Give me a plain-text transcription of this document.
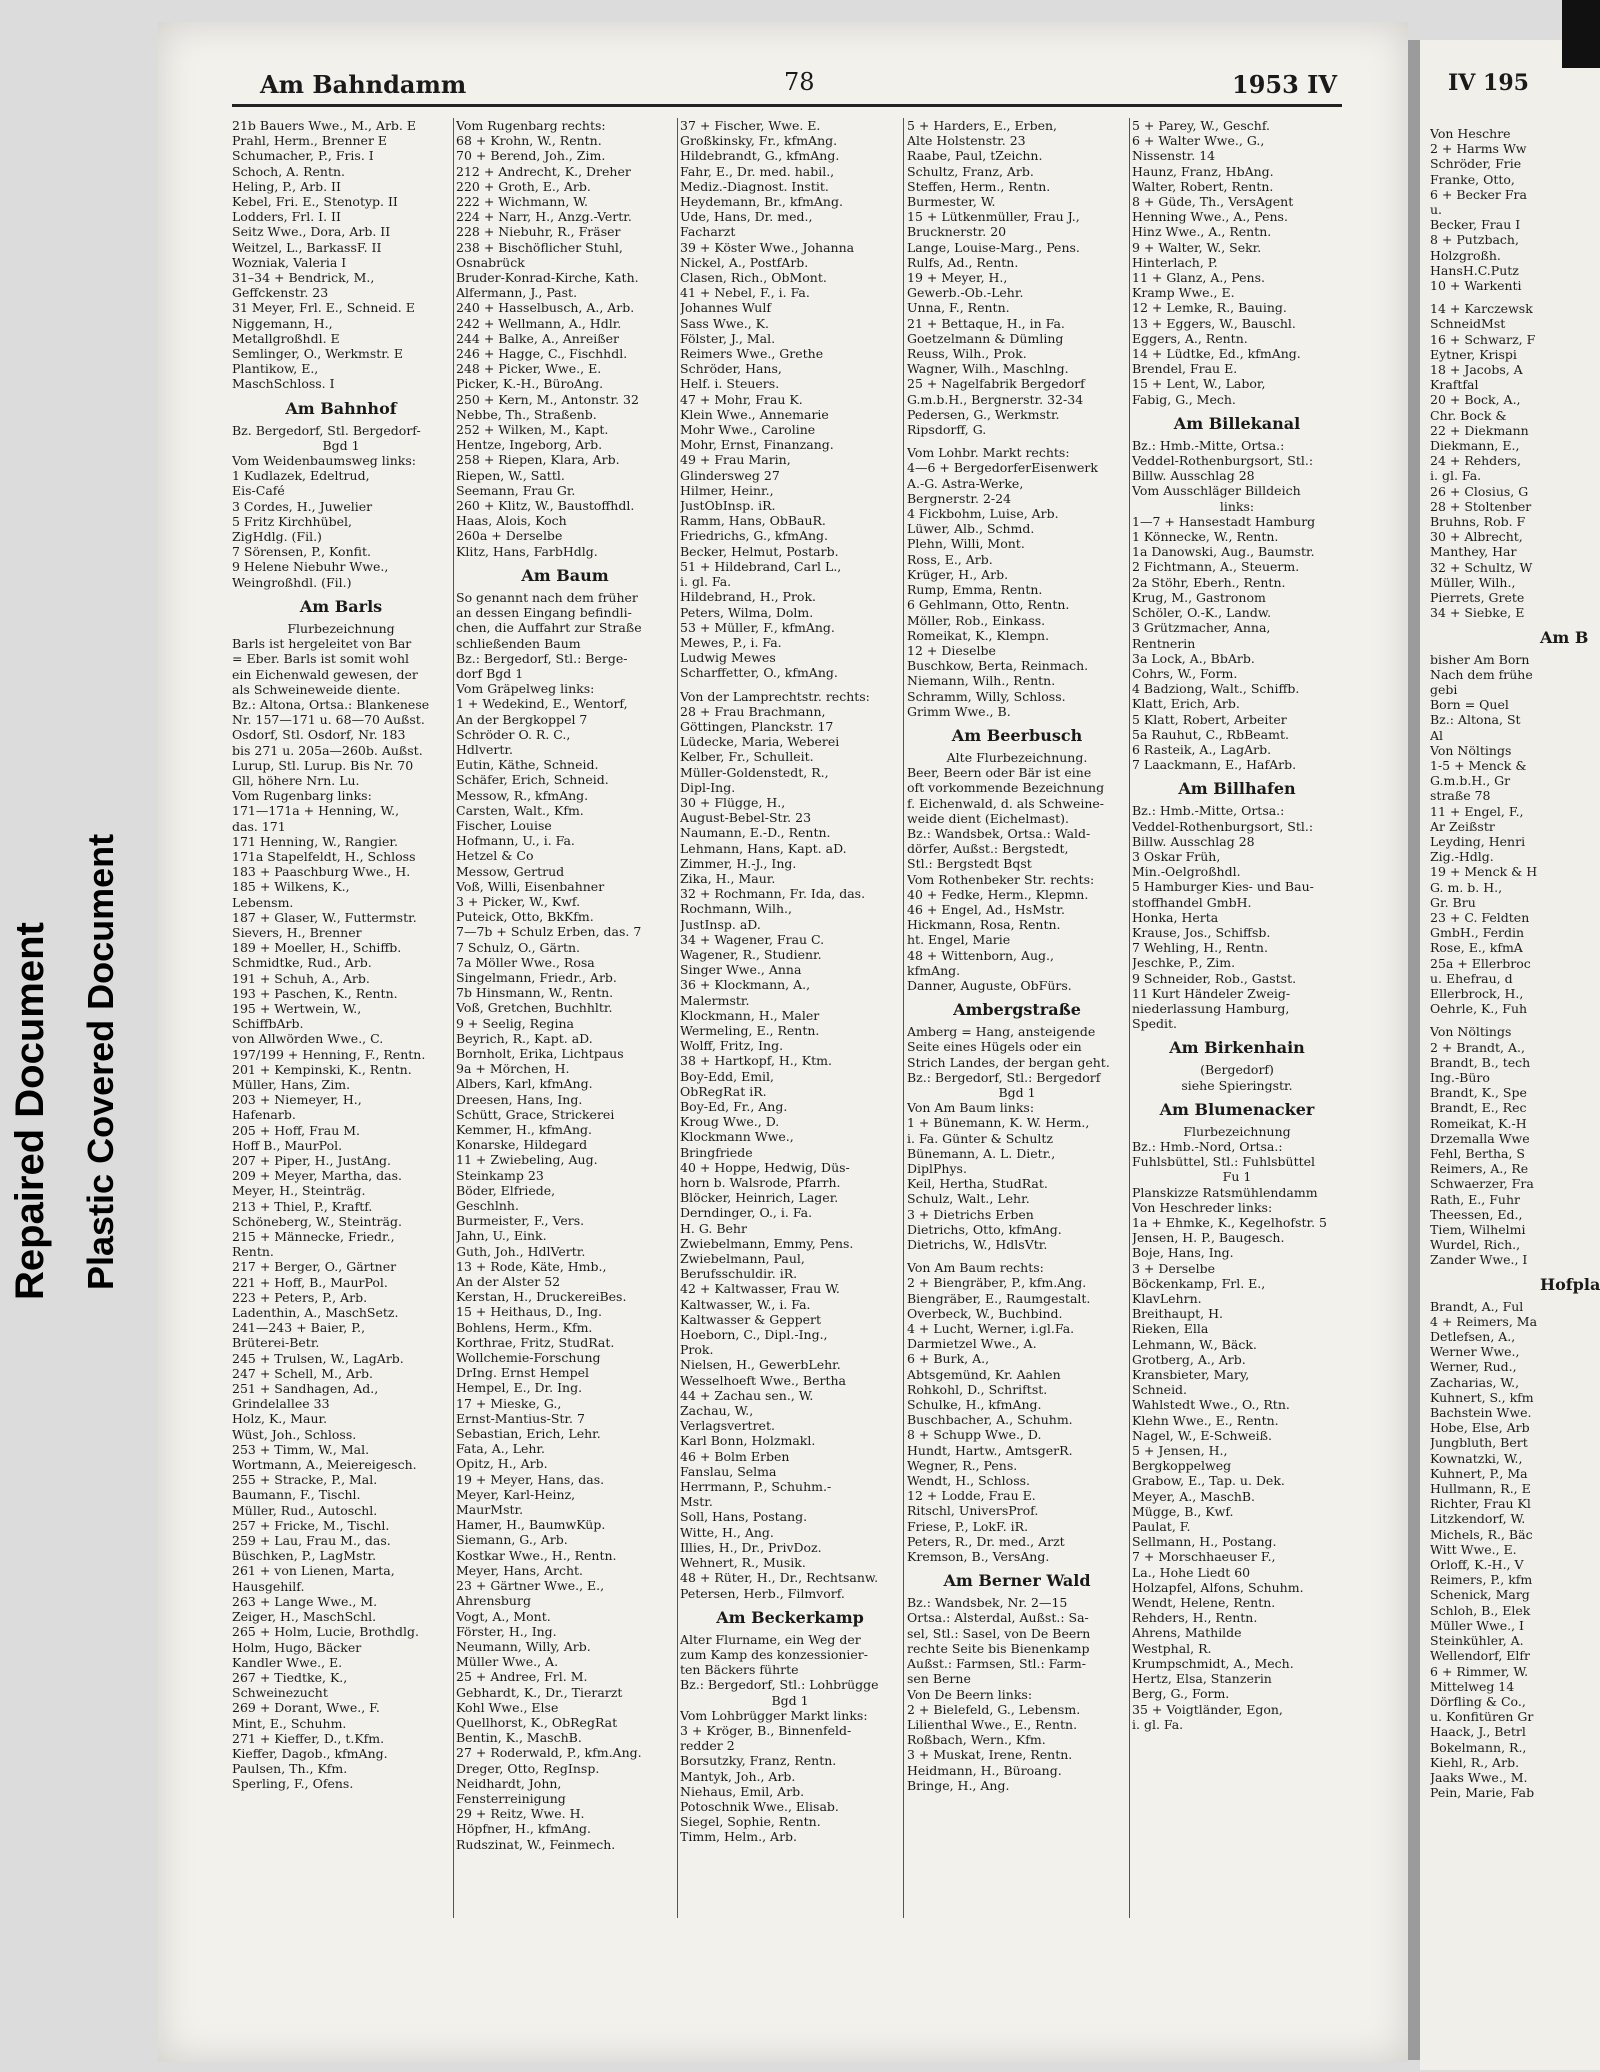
Repaired Document Plastic Covered Document
IV 195
Von Heschre
2 + Harms Ww
Schröder, Frie
Franke, Otto,
6 + Becker Fra
u.
Becker, Frau I
8 + Putzbach,
Holzgroßh.
HansH.C.Putz
10 + Warkenti
14 + Karczewsk
SchneidMst
16 + Schwarz, F
Eytner, Krispi
18 + Jacobs, A
Kraftfal
20 + Bock, A.,
Chr. Bock &
22 + Diekmann
Diekmann, E.,
24 + Rehders,
i. gl. Fa.
26 + Closius, G
28 + Stoltenber
Bruhns, Rob. F
30 + Albrecht,
Manthey, Har
32 + Schultz, W
Müller, Wilh.,
Pierrets, Grete
34 + Siebke, E
Am B
bisher Am Born
Nach dem frühe
gebi
Born = Quel
Bz.: Altona, St
Al
Von Nöltings
1-5 + Menck &
G.m.b.H., Gr
straße 78
11 + Engel, F.,
Ar Zeißstr
Leyding, Henri
Zig.-Hdlg.
19 + Menck & H
G. m. b. H.,
Gr. Bru
23 + C. Feldten
GmbH., Ferdin
Rose, E., kfmA
25a + Ellerbroc
u. Ehefrau, d
Ellerbrock, H.,
Oehrle, K., Fuh
Von Nöltings
2 + Brandt, A.,
Brandt, B., tech
Ing.-Büro
Brandt, K., Spe
Brandt, E., Rec
Romeikat, K.-H
Drzemalla Wwe
Fehl, Bertha, S
Reimers, A., Re
Schwaerzer, Fra
Rath, E., Fuhr
Theessen, Ed.,
Tiem, Wilhelmi
Wurdel, Rich.,
Zander Wwe., I
Hofpla
Brandt, A., Ful
4 + Reimers, Ma
Detlefsen, A.,
Werner Wwe.,
Werner, Rud.,
Zacharias, W.,
Kuhnert, S., kfm
Bachstein Wwe.
Hobe, Else, Arb
Jungbluth, Bert
Kownatzki, W.,
Kuhnert, P., Ma
Hullmann, R., E
Richter, Frau Kl
Litzkendorf, W.
Michels, R., Bäc
Witt Wwe., E.
Orloff, K.-H., V
Reimers, P., kfm
Schenick, Marg
Schloh, B., Elek
Müller Wwe., I
Steinkühler, A.
Wellendorf, Elfr
6 + Rimmer, W.
Mittelweg 14
Dörfling & Co.,
u. Konfitüren Gr
Haack, J., Betrl
Bokelmann, R.,
Kiehl, R., Arb.
Jaaks Wwe., M.
Pein, Marie, Fab
Am Bahndamm	78	1953 IV
21b Bauers Wwe., M., Arb. E
Prahl, Herm., Brenner E
Schumacher, P., Fris. I
Schoch, A. Rentn.
Heling, P., Arb. II
Kebel, Fri. E., Stenotyp. II
Lodders, Frl. I. II
Seitz Wwe., Dora, Arb. II
Weitzel, L., BarkassF. II
Wozniak, Valeria I
31–34 + Bendrick, M.,
Geffckenstr. 23
31 Meyer, Frl. E., Schneid. E
Niggemann, H.,
Metallgroßhdl. E
Semlinger, O., Werkmstr. E
Plantikow, E.,
MaschSchloss. I
Am Bahnhof
Bz. Bergedorf, Stl. Bergedorf-
Bgd 1
Vom Weidenbaumsweg links:
1 Kudlazek, Edeltrud,
Eis-Café
3 Cordes, H., Juwelier
5 Fritz Kirchhübel,
ZigHdlg. (Fil.)
7 Sörensen, P., Konfit.
9 Helene Niebuhr Wwe.,
Weingroßhdl. (Fil.)
Am Barls
Flurbezeichnung
Barls ist hergeleitet von Bar
= Eber. Barls ist somit wohl
ein Eichenwald gewesen, der
als Schweineweide diente.
Bz.: Altona, Ortsa.: Blankenese
Nr. 157—171 u. 68—70 Außst.
Osdorf, Stl. Osdorf, Nr. 183
bis 271 u. 205a—260b. Außst.
Lurup, Stl. Lurup. Bis Nr. 70
Gll, höhere Nrn. Lu.
Vom Rugenbarg links:
171—171a + Henning, W.,
das. 171
171 Henning, W., Rangier.
171a Stapelfeldt, H., Schloss
183 + Paaschburg Wwe., H.
185 + Wilkens, K.,
Lebensm.
187 + Glaser, W., Futtermstr.
Sievers, H., Brenner
189 + Moeller, H., Schiffb.
Schmidtke, Rud., Arb.
191 + Schuh, A., Arb.
193 + Paschen, K., Rentn.
195 + Wertwein, W.,
SchiffbArb.
von Allwörden Wwe., C.
197/199 + Henning, F., Rentn.
201 + Kempinski, K., Rentn.
Müller, Hans, Zim.
203 + Niemeyer, H.,
Hafenarb.
205 + Hoff, Frau M.
Hoff B., MaurPol.
207 + Piper, H., JustAng.
209 + Meyer, Martha, das.
Meyer, H., Steinträg.
213 + Thiel, P., Kraftf.
Schöneberg, W., Steinträg.
215 + Männecke, Friedr.,
Rentn.
217 + Berger, O., Gärtner
221 + Hoff, B., MaurPol.
223 + Peters, P., Arb.
Ladenthin, A., MaschSetz.
241—243 + Baier, P.,
Brüterei-Betr.
245 + Trulsen, W., LagArb.
247 + Schell, M., Arb.
251 + Sandhagen, Ad.,
Grindelallee 33
Holz, K., Maur.
Wüst, Joh., Schloss.
253 + Timm, W., Mal.
Wortmann, A., Meiereigesch.
255 + Stracke, P., Mal.
Baumann, F., Tischl.
Müller, Rud., Autoschl.
257 + Fricke, M., Tischl.
259 + Lau, Frau M., das.
Büschken, P., LagMstr.
261 + von Lienen, Marta,
Hausgehilf.
263 + Lange Wwe., M.
Zeiger, H., MaschSchl.
265 + Holm, Lucie, Brothdlg.
Holm, Hugo, Bäcker
Kandler Wwe., E.
267 + Tiedtke, K.,
Schweinezucht
269 + Dorant, Wwe., F.
Mint, E., Schuhm.
271 + Kieffer, D., t.Kfm.
Kieffer, Dagob., kfmAng.
Paulsen, Th., Kfm.
Sperling, F., Ofens.
Vom Rugenbarg rechts:
68 + Krohn, W., Rentn.
70 + Berend, Joh., Zim.
212 + Andrecht, K., Dreher
220 + Groth, E., Arb.
222 + Wichmann, W.
224 + Narr, H., Anzg.-Vertr.
228 + Niebuhr, R., Fräser
238 + Bischöflicher Stuhl,
Osnabrück
Bruder-Konrad-Kirche, Kath.
Alfermann, J., Past.
240 + Hasselbusch, A., Arb.
242 + Wellmann, A., Hdlr.
244 + Balke, A., Anreißer
246 + Hagge, C., Fischhdl.
248 + Picker, Wwe., E.
Picker, K.-H., BüroAng.
250 + Kern, M., Antonstr. 32
Nebbe, Th., Straßenb.
252 + Wilken, M., Kapt.
Hentze, Ingeborg, Arb.
258 + Riepen, Klara, Arb.
Riepen, W., Sattl.
Seemann, Frau Gr.
260 + Klitz, W., Baustoffhdl.
Haas, Alois, Koch
260a + Derselbe
Klitz, Hans, FarbHdlg.
Am Baum
So genannt nach dem früher
an dessen Eingang befindli-
chen, die Auffahrt zur Straße
schließenden Baum
Bz.: Bergedorf, Stl.: Berge-
dorf Bgd 1
Vom Gräpelweg links:
1 + Wedekind, E., Wentorf,
An der Bergkoppel 7
Schröder O. R. C.,
Hdlvertr.
Eutin, Käthe, Schneid.
Schäfer, Erich, Schneid.
Messow, R., kfmAng.
Carsten, Walt., Kfm.
Fischer, Louise
Hofmann, U., i. Fa.
Hetzel & Co
Messow, Gertrud
Voß, Willi, Eisenbahner
3 + Picker, W., Kwf.
Puteick, Otto, BkKfm.
7—7b + Schulz Erben, das. 7
7 Schulz, O., Gärtn.
7a Möller Wwe., Rosa
Singelmann, Friedr., Arb.
7b Hinsmann, W., Rentn.
Voß, Gretchen, Buchhltr.
9 + Seelig, Regina
Beyrich, R., Kapt. aD.
Bornholt, Erika, Lichtpaus
9a + Mörchen, H.
Albers, Karl, kfmAng.
Dreesen, Hans, Ing.
Schütt, Grace, Strickerei
Kemmer, H., kfmAng.
Konarske, Hildegard
11 + Zwiebeling, Aug.
Steinkamp 23
Böder, Elfriede,
Geschlnh.
Burmeister, F., Vers.
Jahn, U., Eink.
Guth, Joh., HdlVertr.
13 + Rode, Käte, Hmb.,
An der Alster 52
Kerstan, H., DruckereiBes.
15 + Heithaus, D., Ing.
Bohlens, Herm., Kfm.
Korthrae, Fritz, StudRat.
Wollchemie-Forschung
DrIng. Ernst Hempel
Hempel, E., Dr. Ing.
17 + Mieske, G.,
Ernst-Mantius-Str. 7
Sebastian, Erich, Lehr.
Fata, A., Lehr.
Opitz, H., Arb.
19 + Meyer, Hans, das.
Meyer, Karl-Heinz,
MaurMstr.
Hamer, H., BaumwKüp.
Siemann, G., Arb.
Kostkar Wwe., H., Rentn.
Meyer, Hans, Archt.
23 + Gärtner Wwe., E.,
Ahrensburg
Vogt, A., Mont.
Förster, H., Ing.
Neumann, Willy, Arb.
Müller Wwe., A.
25 + Andree, Frl. M.
Gebhardt, K., Dr., Tierarzt
Kohl Wwe., Else
Quellhorst, K., ObRegRat
Bentin, K., MaschB.
27 + Roderwald, P., kfm.Ang.
Dreger, Otto, RegInsp.
Neidhardt, John,
Fensterreinigung
29 + Reitz, Wwe. H.
Höpfner, H., kfmAng.
Rudszinat, W., Feinmech.
37 + Fischer, Wwe. E.
Großkinsky, Fr., kfmAng.
Hildebrandt, G., kfmAng.
Fahr, E., Dr. med. habil.,
Mediz.-Diagnost. Instit.
Heydemann, Br., kfmAng.
Ude, Hans, Dr. med.,
Facharzt
39 + Köster Wwe., Johanna
Nickel, A., PostfArb.
Clasen, Rich., ObMont.
41 + Nebel, F., i. Fa.
Johannes Wulf
Sass Wwe., K.
Fölster, J., Mal.
Reimers Wwe., Grethe
Schröder, Hans,
Helf. i. Steuers.
47 + Mohr, Frau K.
Klein Wwe., Annemarie
Mohr Wwe., Caroline
Mohr, Ernst, Finanzang.
49 + Frau Marin,
Glindersweg 27
Hilmer, Heinr.,
JustObInsp. iR.
Ramm, Hans, ObBauR.
Friedrichs, G., kfmAng.
Becker, Helmut, Postarb.
51 + Hildebrand, Carl L.,
i. gl. Fa.
Hildebrand, H., Prok.
Peters, Wilma, Dolm.
53 + Müller, F., kfmAng.
Mewes, P., i. Fa.
Ludwig Mewes
Scharffetter, O., kfmAng.
Von der Lamprechtstr. rechts:
28 + Frau Brachmann,
Göttingen, Planckstr. 17
Lüdecke, Maria, Weberei
Kelber, Fr., Schulleit.
Müller-Goldenstedt, R.,
Dipl-Ing.
30 + Flügge, H.,
August-Bebel-Str. 23
Naumann, E.-D., Rentn.
Lehmann, Hans, Kapt. aD.
Zimmer, H.-J., Ing.
Zika, H., Maur.
32 + Rochmann, Fr. Ida, das.
Rochmann, Wilh.,
JustInsp. aD.
34 + Wagener, Frau C.
Wagener, R., Studienr.
Singer Wwe., Anna
36 + Klockmann, A.,
Malermstr.
Klockmann, H., Maler
Wermeling, E., Rentn.
Wolff, Fritz, Ing.
38 + Hartkopf, H., Ktm.
Boy-Edd, Emil,
ObRegRat iR.
Boy-Ed, Fr., Ang.
Kroug Wwe., D.
Klockmann Wwe.,
Bringfriede
40 + Hoppe, Hedwig, Düs-
horn b. Walsrode, Pfarrh.
Blöcker, Heinrich, Lager.
Derndinger, O., i. Fa.
H. G. Behr
Zwiebelmann, Emmy, Pens.
Zwiebelmann, Paul,
Berufsschuldir. iR.
42 + Kaltwasser, Frau W.
Kaltwasser, W., i. Fa.
Kaltwasser & Geppert
Hoeborn, C., Dipl.-Ing.,
Prok.
Nielsen, H., GewerbLehr.
Wesselhoeft Wwe., Bertha
44 + Zachau sen., W.
Zachau, W.,
Verlagsvertret.
Karl Bonn, Holzmakl.
46 + Bolm Erben
Fanslau, Selma
Herrmann, P., Schuhm.-
Mstr.
Soll, Hans, Postang.
Witte, H., Ang.
Illies, H., Dr., PrivDoz.
Wehnert, R., Musik.
48 + Rüter, H., Dr., Rechtsanw.
Petersen, Herb., Filmvorf.
Am Beckerkamp
Alter Flurname, ein Weg der
zum Kamp des konzessionier-
ten Bäckers führte
Bz.: Bergedorf, Stl.: Lohbrügge
Bgd 1
Vom Lohbrügger Markt links:
3 + Kröger, B., Binnenfeld-
redder 2
Borsutzky, Franz, Rentn.
Mantyk, Joh., Arb.
Niehaus, Emil, Arb.
Potoschnik Wwe., Elisab.
Siegel, Sophie, Rentn.
Timm, Helm., Arb.
5 + Harders, E., Erben,
Alte Holstenstr. 23
Raabe, Paul, tZeichn.
Schultz, Franz, Arb.
Steffen, Herm., Rentn.
Burmester, W.
15 + Lütkenmüller, Frau J.,
Brucknerstr. 20
Lange, Louise-Marg., Pens.
Rulfs, Ad., Rentn.
19 + Meyer, H.,
Gewerb.-Ob.-Lehr.
Unna, F., Rentn.
21 + Bettaque, H., in Fa.
Goetzelmann & Dümling
Reuss, Wilh., Prok.
Wagner, Wilh., Maschlng.
25 + Nagelfabrik Bergedorf
G.m.b.H., Bergnerstr. 32-34
Pedersen, G., Werkmstr.
Ripsdorff, G.
Vom Lohbr. Markt rechts:
4—6 + BergedorferEisenwerk
A.-G. Astra-Werke,
Bergnerstr. 2-24
4 Fickbohm, Luise, Arb.
Lüwer, Alb., Schmd.
Plehn, Willi, Mont.
Ross, E., Arb.
Krüger, H., Arb.
Rump, Emma, Rentn.
6 Gehlmann, Otto, Rentn.
Möller, Rob., Einkass.
Romeikat, K., Klempn.
12 + Dieselbe
Buschkow, Berta, Reinmach.
Niemann, Wilh., Rentn.
Schramm, Willy, Schloss.
Grimm Wwe., B.
Am Beerbusch
Alte Flurbezeichnung.
Beer, Beern oder Bär ist eine
oft vorkommende Bezeichnung
f. Eichenwald, d. als Schweine-
weide dient (Eichelmast).
Bz.: Wandsbek, Ortsa.: Wald-
dörfer, Außst.: Bergstedt,
Stl.: Bergstedt Bqst
Vom Rothenbeker Str. rechts:
40 + Fedke, Herm., Klepmn.
46 + Engel, Ad., HsMstr.
Hickmann, Rosa, Rentn.
ht. Engel, Marie
48 + Wittenborn, Aug.,
kfmAng.
Danner, Auguste, ObFürs.
Ambergstraße
Amberg = Hang, ansteigende
Seite eines Hügels oder ein
Strich Landes, der bergan geht.
Bz.: Bergedorf, Stl.: Bergedorf
Bgd 1
Von Am Baum links:
1 + Bünemann, K. W. Herm.,
i. Fa. Günter & Schultz
Bünemann, A. L. Dietr.,
DiplPhys.
Keil, Hertha, StudRat.
Schulz, Walt., Lehr.
3 + Dietrichs Erben
Dietrichs, Otto, kfmAng.
Dietrichs, W., HdlsVtr.
Von Am Baum rechts:
2 + Biengräber, P., kfm.Ang.
Biengräber, E., Raumgestalt.
Overbeck, W., Buchbind.
4 + Lucht, Werner, i.gl.Fa.
Darmietzel Wwe., A.
6 + Burk, A.,
Abtsgemünd, Kr. Aahlen
Rohkohl, D., Schriftst.
Schulke, H., kfmAng.
Buschbacher, A., Schuhm.
8 + Schupp Wwe., D.
Hundt, Hartw., AmtsgerR.
Wegner, R., Pens.
Wendt, H., Schloss.
12 + Lodde, Frau E.
Ritschl, UniversProf.
Friese, P., LokF. iR.
Peters, R., Dr. med., Arzt
Kremson, B., VersAng.
Am Berner Wald
Bz.: Wandsbek, Nr. 2—15
Ortsa.: Alsterdal, Außst.: Sa-
sel, Stl.: Sasel, von De Beern
rechte Seite bis Bienenkamp
Außst.: Farmsen, Stl.: Farm-
sen Berne
Von De Beern links:
2 + Bielefeld, G., Lebensm.
Lilienthal Wwe., E., Rentn.
Roßbach, Wern., Kfm.
3 + Muskat, Irene, Rentn.
Heidmann, H., Büroang.
Bringe, H., Ang.
5 + Parey, W., Geschf.
6 + Walter Wwe., G.,
Nissenstr. 14
Haunz, Franz, HbAng.
Walter, Robert, Rentn.
8 + Güde, Th., VersAgent
Henning Wwe., A., Pens.
Hinz Wwe., A., Rentn.
9 + Walter, W., Sekr.
Hinterlach, P.
11 + Glanz, A., Pens.
Kramp Wwe., E.
12 + Lemke, R., Bauing.
13 + Eggers, W., Bauschl.
Eggers, A., Rentn.
14 + Lüdtke, Ed., kfmAng.
Brendel, Frau E.
15 + Lent, W., Labor,
Fabig, G., Mech.
Am Billekanal
Bz.: Hmb.-Mitte, Ortsa.:
Veddel-Rothenburgsort, Stl.:
Billw. Ausschlag 28
Vom Ausschläger Billdeich
links:
1—7 + Hansestadt Hamburg
1 Könnecke, W., Rentn.
1a Danowski, Aug., Baumstr.
2 Fichtmann, A., Steuerm.
2a Stöhr, Eberh., Rentn.
Krug, M., Gastronom
Schöler, O.-K., Landw.
3 Grützmacher, Anna,
Rentnerin
3a Lock, A., BbArb.
Cohrs, W., Form.
4 Badziong, Walt., Schiffb.
Klatt, Erich, Arb.
5 Klatt, Robert, Arbeiter
5a Rauhut, C., RbBeamt.
6 Rasteik, A., LagArb.
7 Laackmann, E., HafArb.
Am Billhafen
Bz.: Hmb.-Mitte, Ortsa.:
Veddel-Rothenburgsort, Stl.:
Billw. Ausschlag 28
3 Oskar Früh,
Min.-Oelgroßhdl.
5 Hamburger Kies- und Bau-
stoffhandel GmbH.
Honka, Herta
Krause, Jos., Schiffsb.
7 Wehling, H., Rentn.
Jeschke, P., Zim.
9 Schneider, Rob., Gastst.
11 Kurt Händeler Zweig-
niederlassung Hamburg,
Spedit.
Am Birkenhain
(Bergedorf)
siehe Spieringstr.
Am Blumenacker
Flurbezeichnung
Bz.: Hmb.-Nord, Ortsa.:
Fuhlsbüttel, Stl.: Fuhlsbüttel
Fu 1
Planskizze Ratsmühlendamm
Von Heschreder links:
1a + Ehmke, K., Kegelhofstr. 5
Jensen, H. P., Baugesch.
Boje, Hans, Ing.
3 + Derselbe
Böckenkamp, Frl. E.,
KlavLehrn.
Breithaupt, H.
Rieken, Ella
Lehmann, W., Bäck.
Grotberg, A., Arb.
Kransbieter, Mary,
Schneid.
Wahlstedt Wwe., O., Rtn.
Klehn Wwe., E., Rentn.
Nagel, W., E-Schweiß.
5 + Jensen, H.,
Bergkoppelweg
Grabow, E., Tap. u. Dek.
Meyer, A., MaschB.
Mügge, B., Kwf.
Paulat, F.
Sellmann, H., Postang.
7 + Morschhaeuser F.,
La., Hohe Liedt 60
Holzapfel, Alfons, Schuhm.
Wendt, Helene, Rentn.
Rehders, H., Rentn.
Ahrens, Mathilde
Westphal, R.
Krumpschmidt, A., Mech.
Hertz, Elsa, Stanzerin
Berg, G., Form.
35 + Voigtländer, Egon,
i. gl. Fa.
